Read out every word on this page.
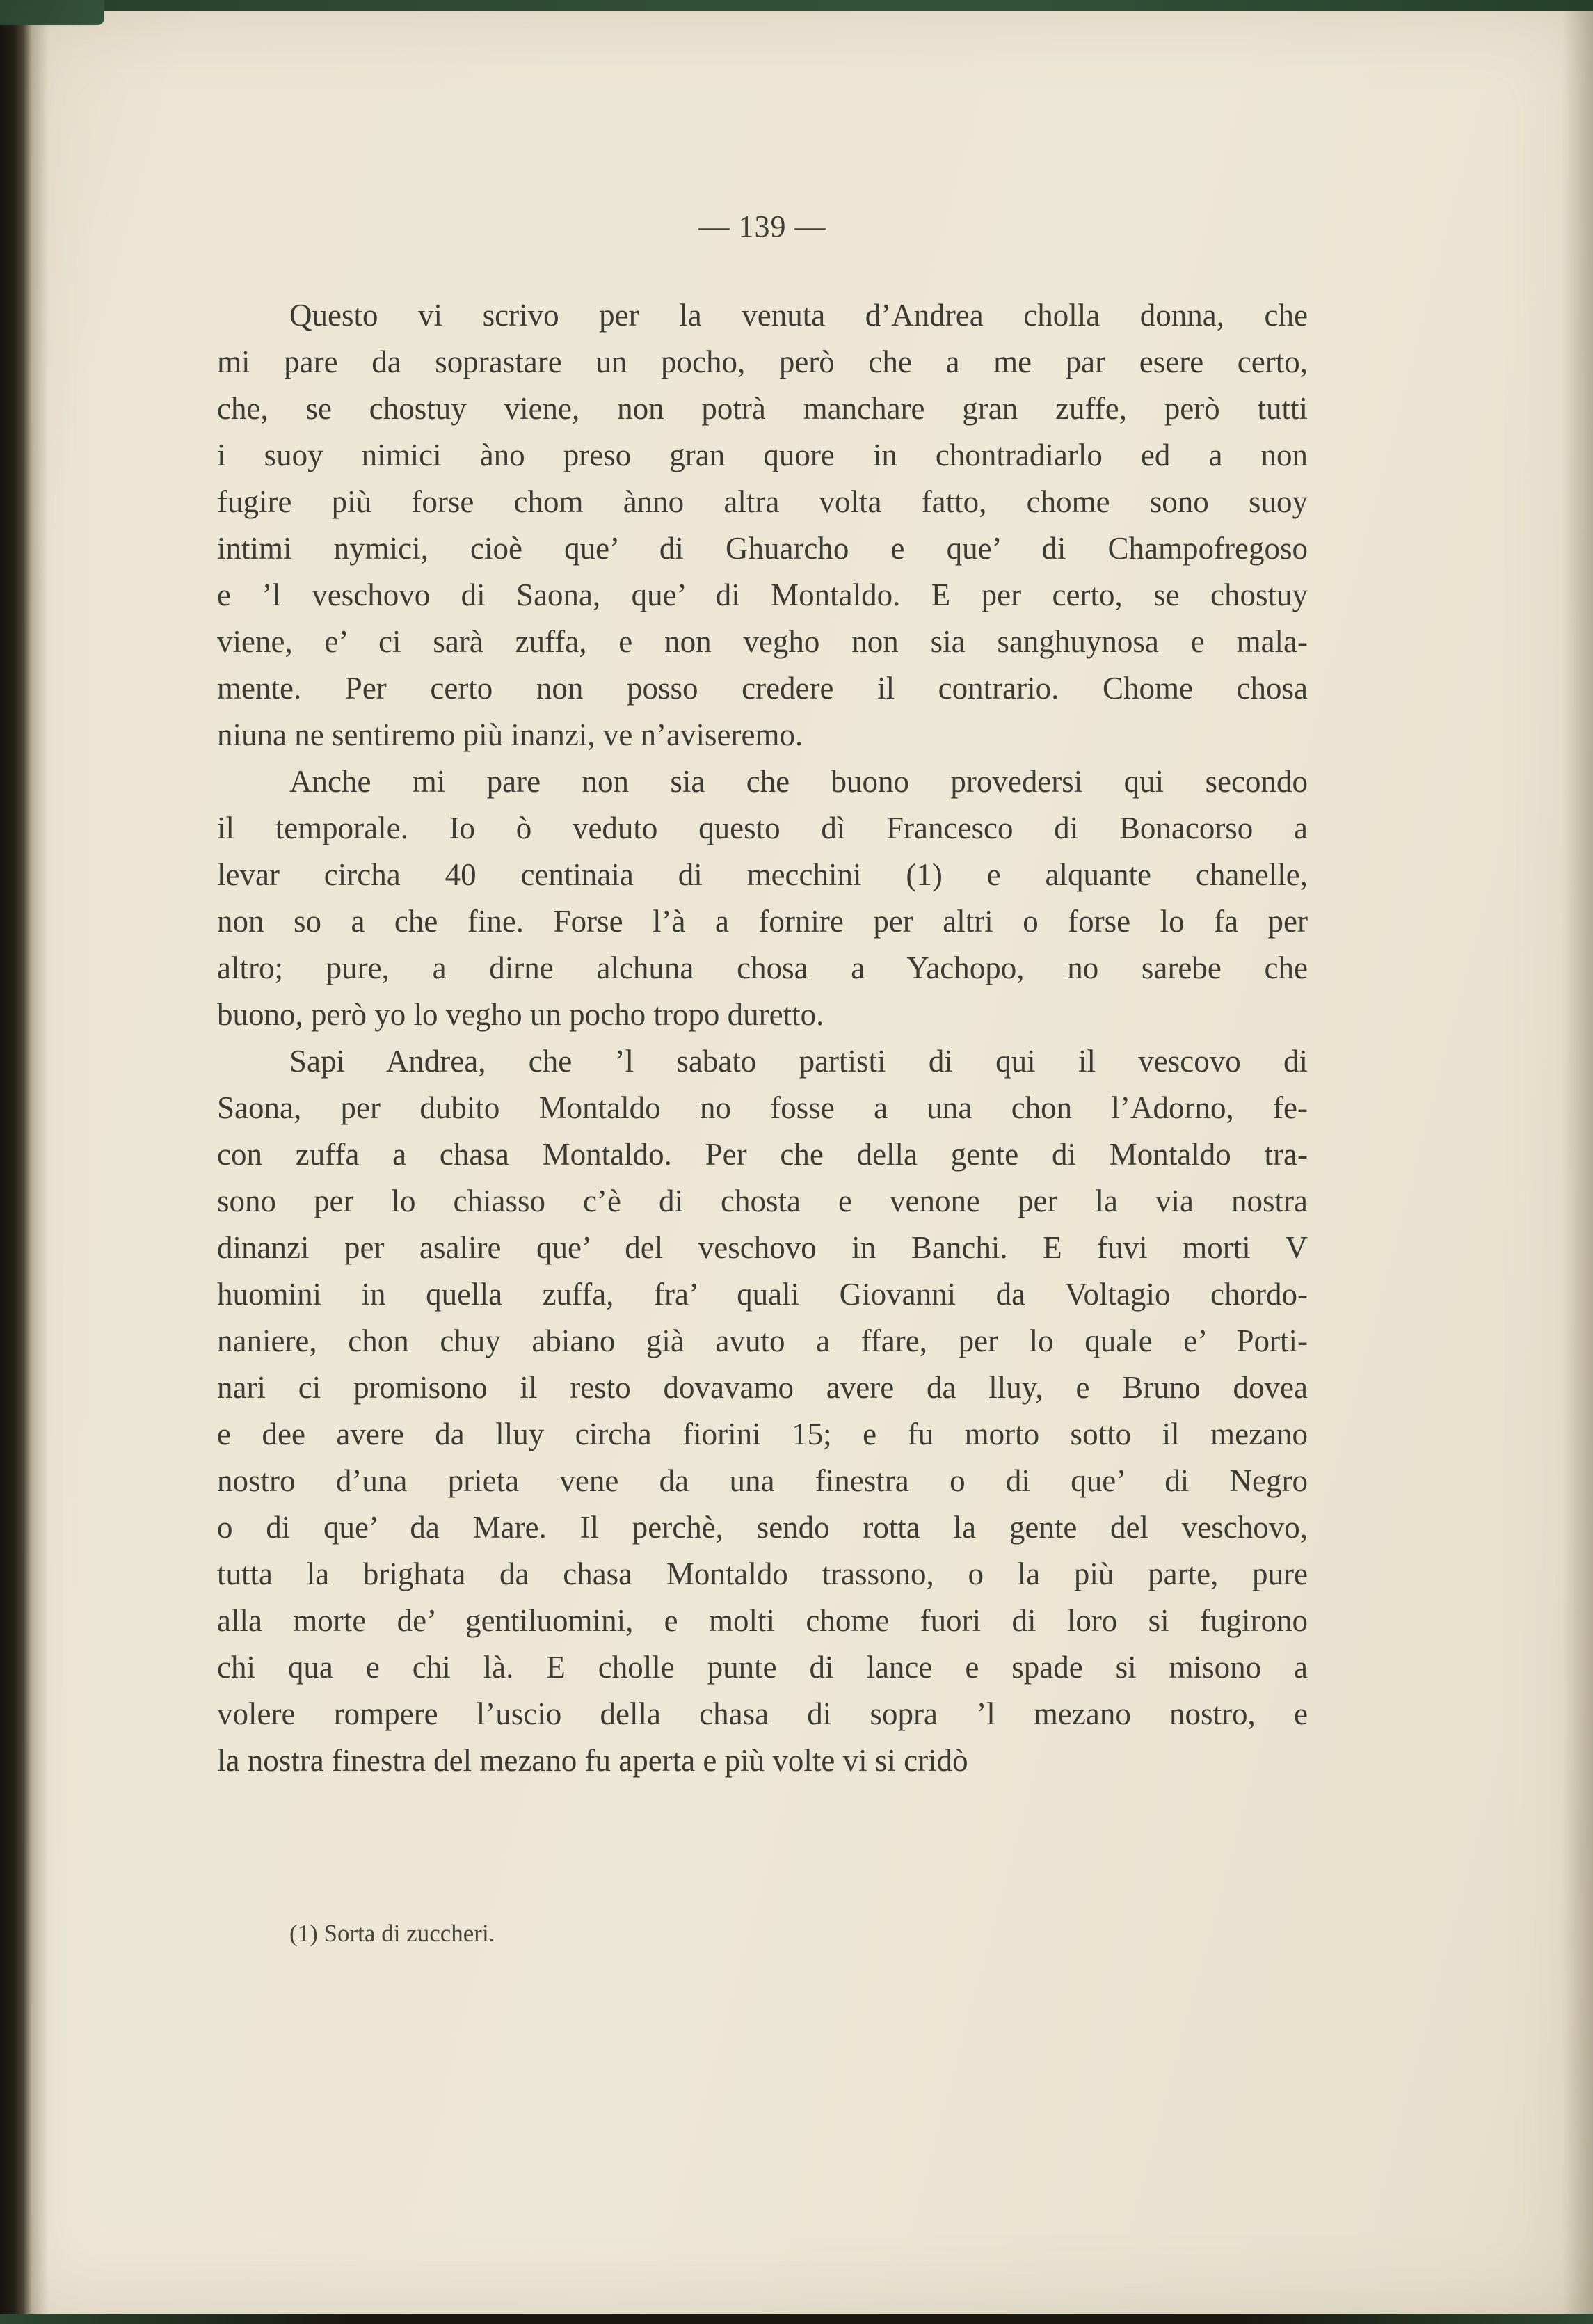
— 139 —
Questo vi scrivo per la venuta d’Andrea cholla donna, che
mi pare da soprastare un pocho, però che a me par esere certo,
che, se chostuy viene, non potrà manchare gran zuffe, però tutti
i suoy nimici àno preso gran quore in chontradiarlo ed a non
fugire più forse chom ànno altra volta fatto, chome sono suoy
intimi nymici, cioè que’ di Ghuarcho e que’ di Champofregoso
e ’l veschovo di Saona, que’ di Montaldo. E per certo, se chostuy
viene, e’ ci sarà zuffa, e non vegho non sia sanghuynosa e mala-
mente. Per certo non posso credere il contrario. Chome chosa
niuna ne sentiremo più inanzi, ve n’aviseremo.
Anche mi pare non sia che buono provedersi qui secondo
il temporale. Io ò veduto questo dì Francesco di Bonacorso a
levar circha 40 centinaia di mecchini (1) e alquante chanelle,
non so a che fine. Forse l’à a fornire per altri o forse lo fa per
altro; pure, a dirne alchuna chosa a Yachopo, no sarebe che
buono, però yo lo vegho un pocho tropo duretto.
Sapi Andrea, che ’l sabato partisti di qui il vescovo di
Saona, per dubito Montaldo no fosse a una chon l’Adorno, fe-
con zuffa a chasa Montaldo. Per che della gente di Montaldo tra-
sono per lo chiasso c’è di chosta e venone per la via nostra
dinanzi per asalire que’ del veschovo in Banchi. E fuvi morti V
huomini in quella zuffa, fra’ quali Giovanni da Voltagio chordo-
naniere, chon chuy abiano già avuto a ffare, per lo quale e’ Porti-
nari ci promisono il resto dovavamo avere da lluy, e Bruno dovea
e dee avere da lluy circha fiorini 15; e fu morto sotto il mezano
nostro d’una prieta vene da una finestra o di que’ di Negro
o di que’ da Mare. Il perchè, sendo rotta la gente del veschovo,
tutta la brighata da chasa Montaldo trassono, o la più parte, pure
alla morte de’ gentiluomini, e molti chome fuori di loro si fugirono
chi qua e chi là. E cholle punte di lance e spade si misono a
volere rompere l’uscio della chasa di sopra ’l mezano nostro, e
la nostra finestra del mezano fu aperta e più volte vi si cridò
(1) Sorta di zuccheri.
